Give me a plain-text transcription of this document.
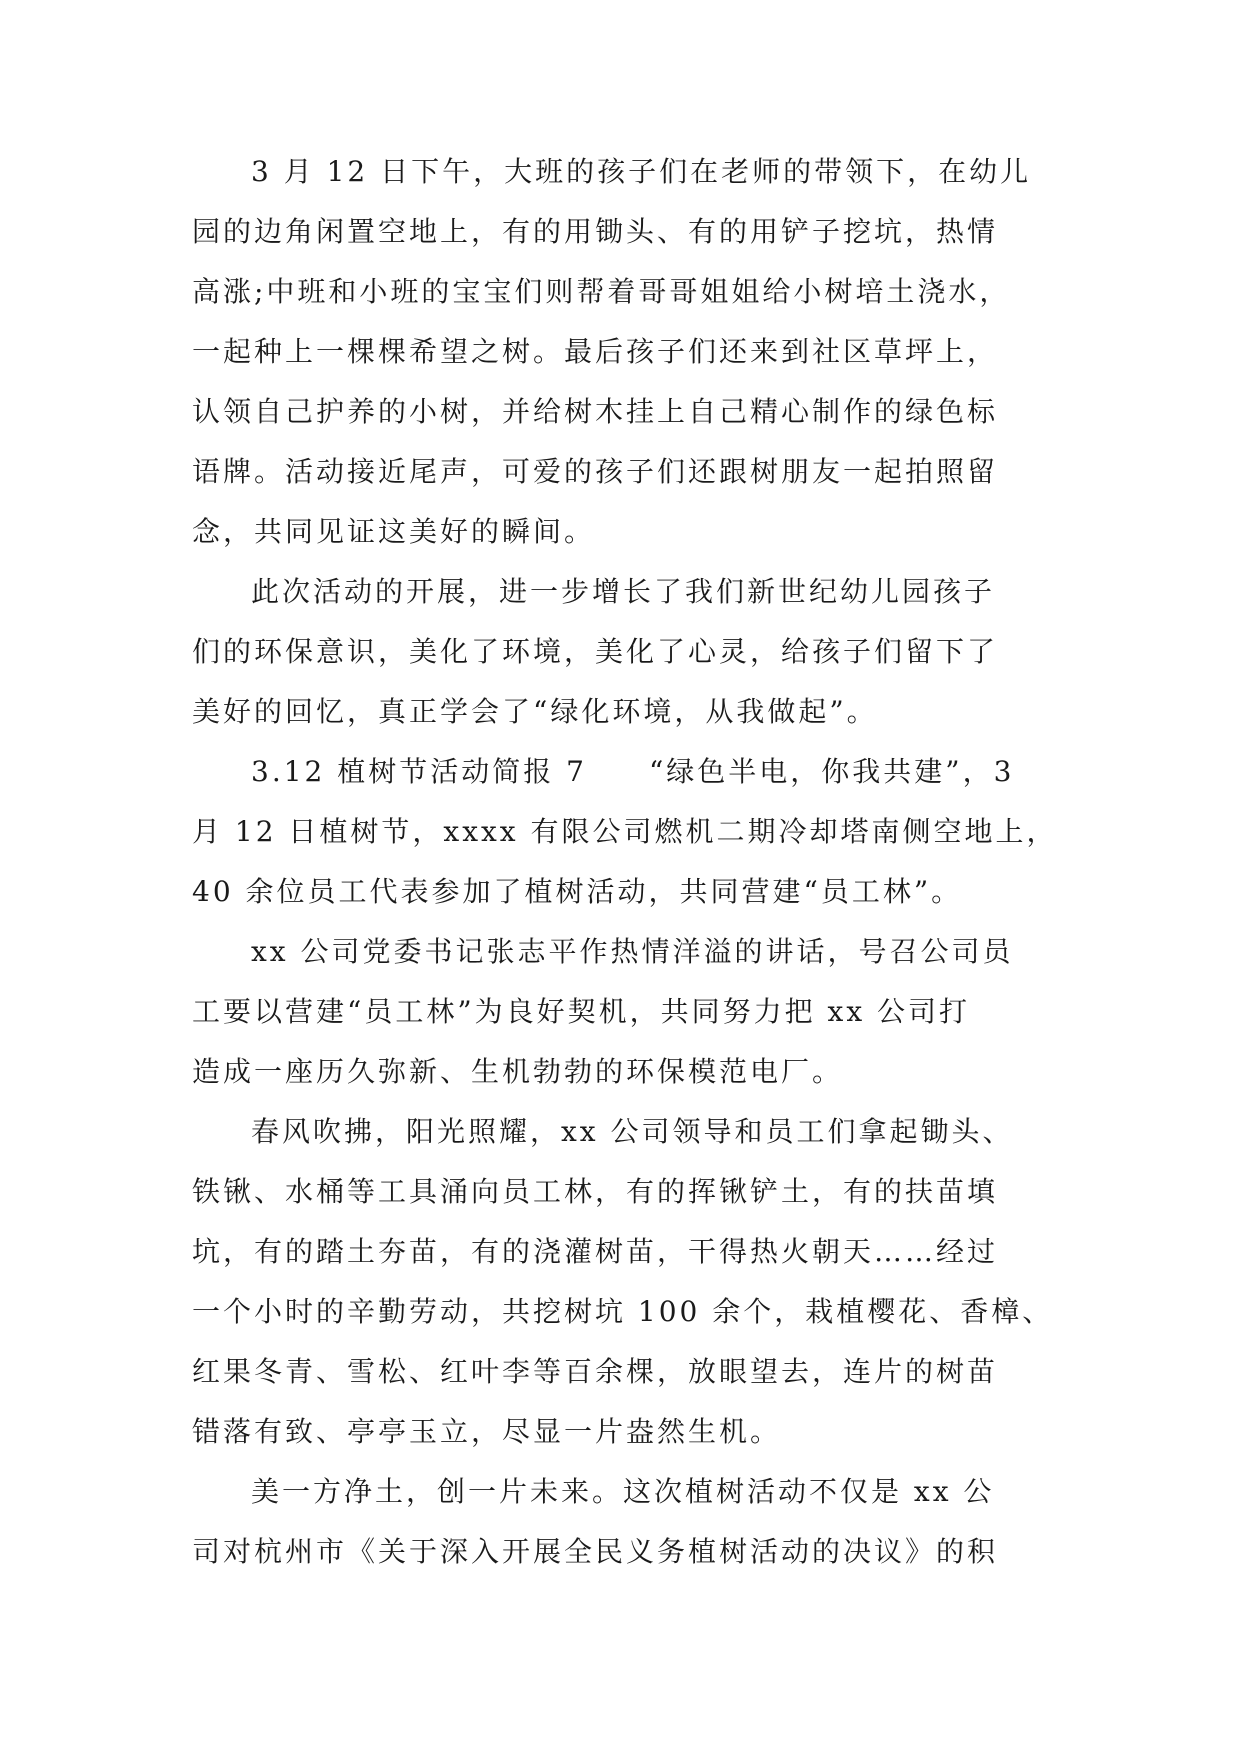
3 月 12 日下午，大班的孩子们在老师的带领下，在幼儿
园的边角闲置空地上，有的用锄头、有的用铲子挖坑，热情
高涨;中班和小班的宝宝们则帮着哥哥姐姐给小树培土浇水，
一起种上一棵棵希望之树。最后孩子们还来到社区草坪上，
认领自己护养的小树，并给树木挂上自己精心制作的绿色标
语牌。活动接近尾声，可爱的孩子们还跟树朋友一起拍照留
念，共同见证这美好的瞬间。
此次活动的开展，进一步增长了我们新世纪幼儿园孩子
们的环保意识，美化了环境，美化了心灵，给孩子们留下了
美好的回忆，真正学会了“绿化环境，从我做起”。
3.12 植树节活动简报 7　　“绿色半电，你我共建”，3
月 12 日植树节，xxxx 有限公司燃机二期冷却塔南侧空地上，
40 余位员工代表参加了植树活动，共同营建“员工林”。
xx 公司党委书记张志平作热情洋溢的讲话，号召公司员
工要以营建“员工林”为良好契机，共同努力把 xx 公司打
造成一座历久弥新、生机勃勃的环保模范电厂。
春风吹拂，阳光照耀，xx 公司领导和员工们拿起锄头、
铁锹、水桶等工具涌向员工林，有的挥锹铲土，有的扶苗填
坑，有的踏土夯苗，有的浇灌树苗，干得热火朝天……经过
一个小时的辛勤劳动，共挖树坑 100 余个，栽植樱花、香樟、
红果冬青、雪松、红叶李等百余棵，放眼望去，连片的树苗
错落有致、亭亭玉立，尽显一片盎然生机。
美一方净土，创一片未来。这次植树活动不仅是 xx 公
司对杭州市《关于深入开展全民义务植树活动的决议》的积
